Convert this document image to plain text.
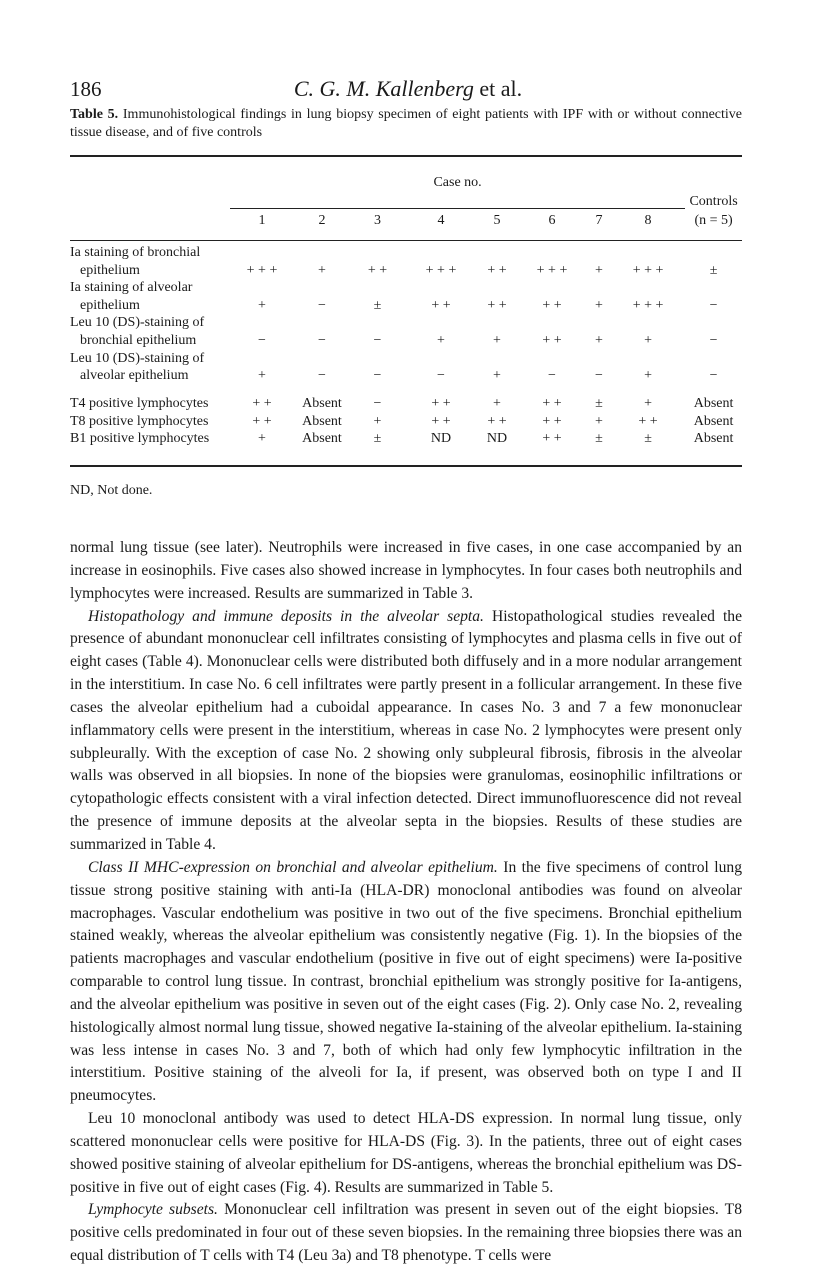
186	C. G. M. Kallenberg et al.
Table 5. Immunohistological findings in lung biopsy specimen of eight patients with IPF with or without connective tissue disease, and of five controls
	Case no.								
									Controls
	1	2	3	4	5	6	7	8	(n = 5)

Ia staining of bronchial
epithelium	+ + +	+	+ +	+ + +	+ +	+ + +	+	+ + +	±
Ia staining of alveolar
epithelium	+	−	±	+ +	+ +	+ +	+	+ + +	−
Leu 10 (DS)-staining of
bronchial epithelium	−	−	−	+	+	+ +	+	+	−
Leu 10 (DS)-staining of
alveolar epithelium	+	−	−	−	+	−	−	+	−
T4 positive lymphocytes	+ +	Absent	−	+ +	+	+ +	±	+	Absent
T8 positive lymphocytes	+ +	Absent	+	+ +	+ +	+ +	+	+ +	Absent
B1 positive lymphocytes	+	Absent	±	ND	ND	+ +	±	±	Absent
ND, Not done.

normal lung tissue (see later). Neutrophils were increased in five cases, in one case accompanied by an increase in eosinophils. Five cases also showed increase in lymphocytes. In four cases both neutrophils and lymphocytes were increased. Results are summarized in Table 3.

Histopathology and immune deposits in the alveolar septa. Histopathological studies revealed the presence of abundant mononuclear cell infiltrates consisting of lymphocytes and plasma cells in five out of eight cases (Table 4). Mononuclear cells were distributed both diffusely and in a more nodular arrangement in the interstitium. In case No. 6 cell infiltrates were partly present in a follicular arrangement. In these five cases the alveolar epithelium had a cuboidal appearance. In cases No. 3 and 7 a few mononuclear inflammatory cells were present in the interstitium, whereas in case No. 2 lymphocytes were present only subpleurally. With the exception of case No. 2 showing only subpleural fibrosis, fibrosis in the alveolar walls was observed in all biopsies. In none of the biopsies were granulomas, eosinophilic infiltrations or cytopathologic effects consistent with a viral infection detected. Direct immunofluorescence did not reveal the presence of immune deposits at the alveolar septa in the biopsies. Results of these studies are summarized in Table 4.

Class II MHC-expression on bronchial and alveolar epithelium. In the five specimens of control lung tissue strong positive staining with anti-Ia (HLA-DR) monoclonal antibodies was found on alveolar macrophages. Vascular endothelium was positive in two out of the five specimens. Bronchial epithelium stained weakly, whereas the alveolar epithelium was consistently negative (Fig. 1). In the biopsies of the patients macrophages and vascular endothelium (positive in five out of eight specimens) were Ia-positive comparable to control lung tissue. In contrast, bronchial epithelium was strongly positive for Ia-antigens, and the alveolar epithelium was positive in seven out of the eight cases (Fig. 2). Only case No. 2, revealing histologically almost normal lung tissue, showed negative Ia-staining of the alveolar epithelium. Ia-staining was less intense in cases No. 3 and 7, both of which had only few lymphocytic infiltration in the interstitium. Positive staining of the alveoli for Ia, if present, was observed both on type I and II pneumocytes.

Leu 10 monoclonal antibody was used to detect HLA-DS expression. In normal lung tissue, only scattered mononuclear cells were positive for HLA-DS (Fig. 3). In the patients, three out of eight cases showed positive staining of alveolar epithelium for DS-antigens, whereas the bronchial epithelium was DS-positive in five out of eight cases (Fig. 4). Results are summarized in Table 5.

Lymphocyte subsets. Mononuclear cell infiltration was present in seven out of the eight biopsies. T8 positive cells predominated in four out of these seven biopsies. In the remaining three biopsies there was an equal distribution of T cells with T4 (Leu 3a) and T8 phenotype. T cells were
